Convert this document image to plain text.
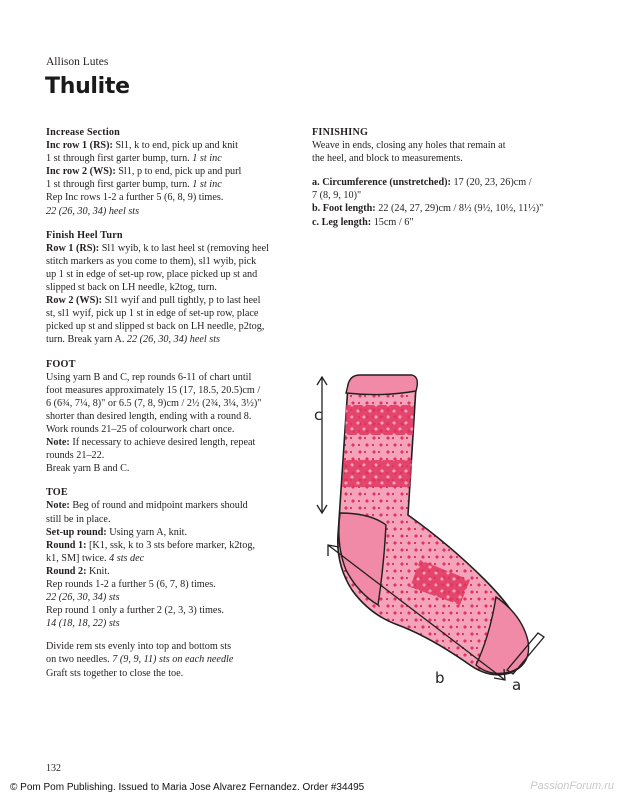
Allison Lutes
Thulite
Increase Section
Inc row 1 (RS): Sl1, k to end, pick up and knit
1 st through first garter bump, turn. 1 st inc
Inc row 2 (WS): Sl1, p to end, pick up and purl
1 st through first garter bump, turn. 1 st inc
Rep Inc rows 1-2 a further 5 (6, 8, 9) times.
22 (26, 30, 34) heel sts
Finish Heel Turn
Row 1 (RS): Sl1 wyib, k to last heel st (removing heel
stitch markers as you come to them), sl1 wyib, pick
up 1 st in edge of set-up row, place picked up st and
slipped st back on LH needle, k2tog, turn.
Row 2 (WS): Sl1 wyif and pull tightly, p to last heel
st, sl1 wyif, pick up 1 st in edge of set-up row, place
picked up st and slipped st back on LH needle, p2tog,
turn. Break yarn A. 22 (26, 30, 34) heel sts
FOOT
Using yarn B and C, rep rounds 6-11 of chart until
foot measures approximately 15 (17, 18.5, 20.5)cm /
6 (6¾, 7¼, 8)" or 6.5 (7, 8, 9)cm / 2½ (2¾, 3¼, 3½)"
shorter than desired length, ending with a round 8.
Work rounds 21–25 of colourwork chart once.
Note: If necessary to achieve desired length, repeat
rounds 21–22.
Break yarn B and C.
TOE
Note: Beg of round and midpoint markers should
still be in place.
Set-up round: Using yarn A, knit.
Round 1: [K1, ssk, k to 3 sts before marker, k2tog,
k1, SM] twice. 4 sts dec
Round 2: Knit.
Rep rounds 1-2 a further 5 (6, 7, 8) times.
22 (26, 30, 34) sts
Rep round 1 only a further 2 (2, 3, 3) times.
14 (18, 18, 22) sts
Divide rem sts evenly into top and bottom sts
on two needles. 7 (9, 9, 11) sts on each needle
Graft sts together to close the toe.
FINISHING
Weave in ends, closing any holes that remain at
the heel, and block to measurements.
a. Circumference (unstretched): 17 (20, 23, 26)cm /
7 (8, 9, 10)"
b. Foot length: 22 (24, 27, 29)cm / 8½ (9½, 10½, 11½)"
c. Leg length: 15cm / 6"
c
b	a
132
© Pom Pom Publishing. Issued to Maria Jose Alvarez Fernandez. Order #34495	PassionForum.ru
